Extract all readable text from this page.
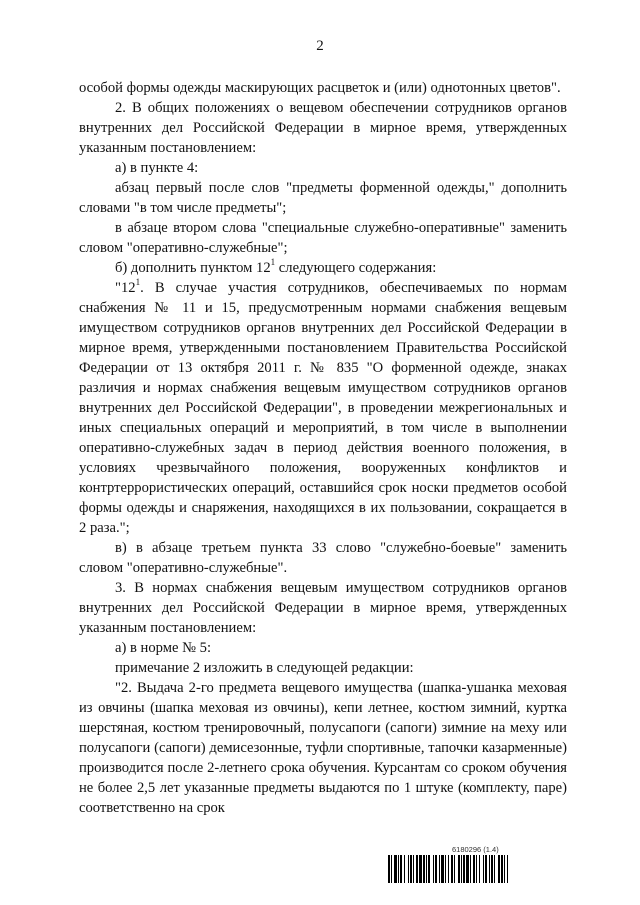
2

особой формы одежды маскирующих расцветок и (или) однотонных цветов".

2. В общих положениях о вещевом обеспечении сотрудников органов внутренних дел Российской Федерации в мирное время, утвержденных указанным постановлением:

а) в пункте 4:

абзац первый после слов "предметы форменной одежды," дополнить словами "в том числе предметы";

в абзаце втором слова "специальные служебно-оперативные" заменить словом "оперативно-служебные";

б) дополнить пунктом $12^1$ следующего содержания:

"$12^1$. В случае участия сотрудников, обеспечиваемых по нормам снабжения № 11 и 15, предусмотренным нормами снабжения вещевым имуществом сотрудников органов внутренних дел Российской Федерации в мирное время, утвержденными постановлением Правительства Российской Федерации от 13 октября 2011 г. № 835 "О форменной одежде, знаках различия и нормах снабжения вещевым имуществом сотрудников органов внутренних дел Российской Федерации", в проведении межрегиональных и иных специальных операций и мероприятий, в том числе в выполнении оперативно-служебных задач в период действия военного положения, в условиях чрезвычайного положения, вооруженных конфликтов и контртеррористических операций, оставшийся срок носки предметов особой формы одежды и снаряжения, находящихся в их пользовании, сокращается в 2 раза.";

в) в абзаце третьем пункта 33 слово "служебно-боевые" заменить словом "оперативно-служебные".

3. В нормах снабжения вещевым имуществом сотрудников органов внутренних дел Российской Федерации в мирное время, утвержденных указанным постановлением:

а) в норме № 5:

примечание 2 изложить в следующей редакции:

"2. Выдача 2-го предмета вещевого имущества (шапка-ушанка меховая из овчины (шапка меховая из овчины), кепи летнее, костюм зимний, куртка шерстяная, костюм тренировочный, полусапоги (сапоги) зимние на меху или полусапоги (сапоги) демисезонные, туфли спортивные, тапочки казарменные) производится после 2-летнего срока обучения. Курсантам со сроком обучения не более 2,5 лет указанные предметы выдаются по 1 штуке (комплекту, паре) соответственно на срок

6180296 (1.4)
